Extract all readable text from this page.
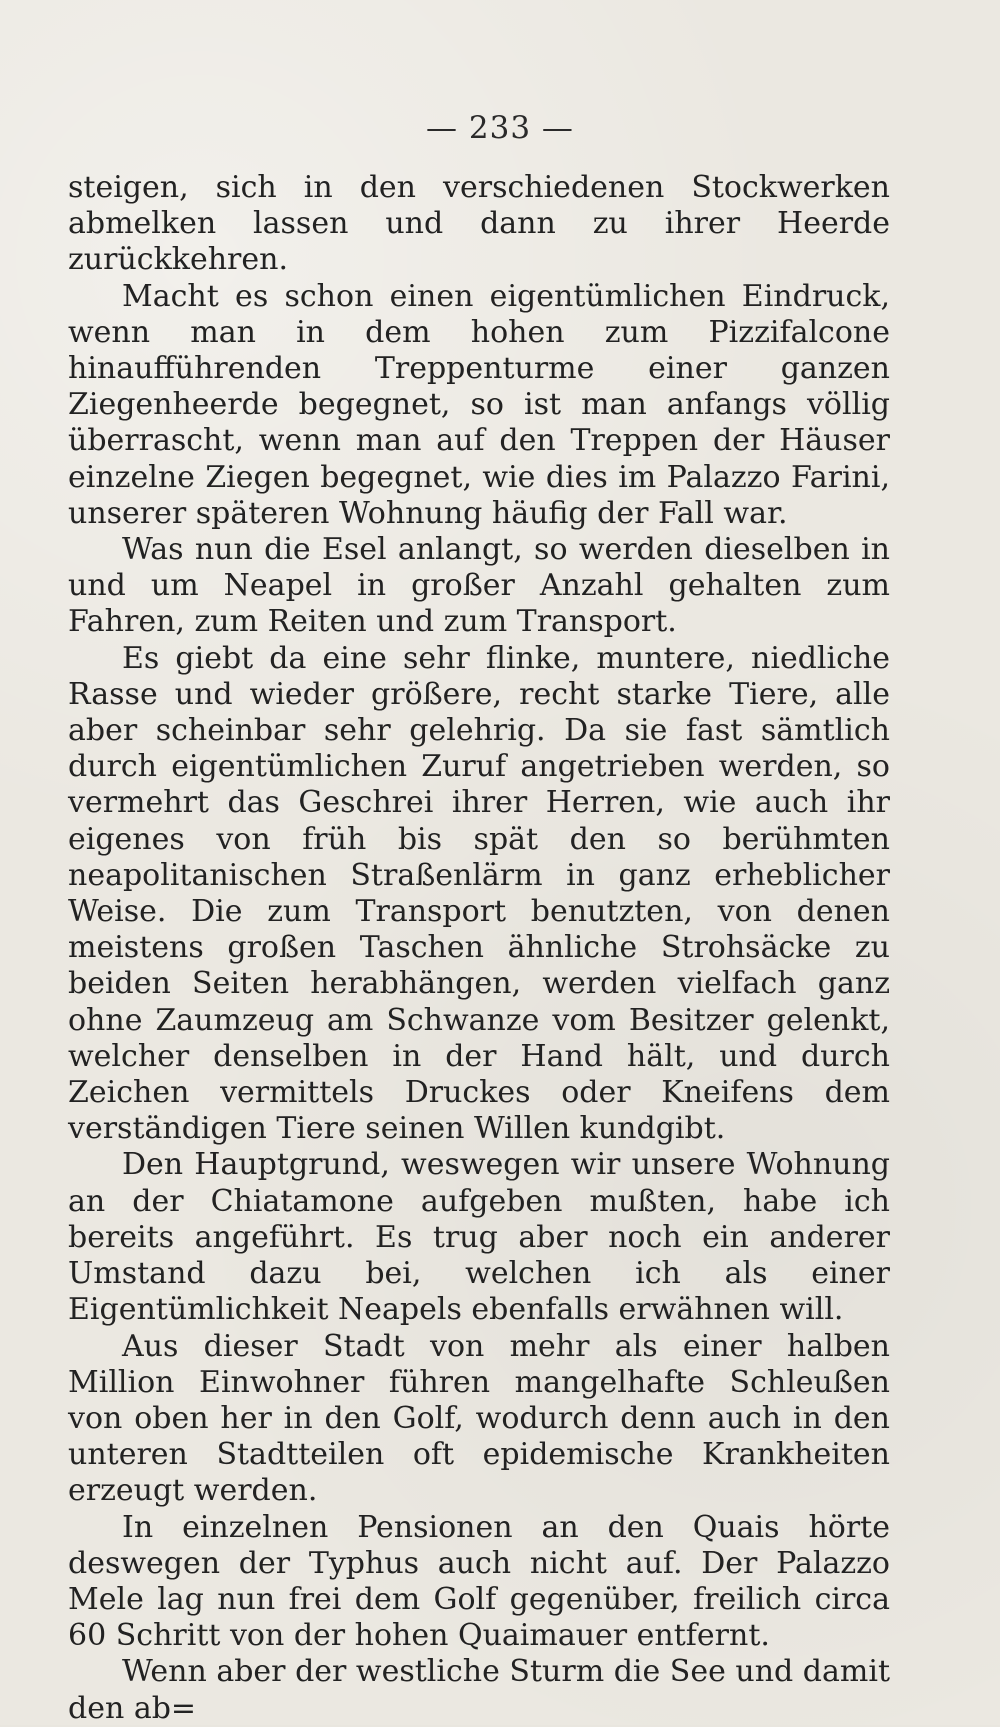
— 233 —

steigen, sich in den verschiedenen Stockwerken abmelken lassen und dann zu ihrer Heerde zurückkehren.

Macht es schon einen eigentümlichen Eindruck, wenn man in dem hohen zum Pizzifalcone hinaufführenden Treppenturme einer ganzen Ziegenheerde begegnet, so ist man anfangs völlig überrascht, wenn man auf den Treppen der Häuser einzelne Ziegen begegnet, wie dies im Palazzo Farini, unserer späteren Wohnung häufig der Fall war.

Was nun die Esel anlangt, so werden dieselben in und um Neapel in großer Anzahl gehalten zum Fahren, zum Reiten und zum Transport.

Es giebt da eine sehr flinke, muntere, niedliche Rasse und wieder größere, recht starke Tiere, alle aber scheinbar sehr gelehrig. Da sie fast sämtlich durch eigentümlichen Zuruf angetrieben werden, so vermehrt das Geschrei ihrer Herren, wie auch ihr eigenes von früh bis spät den so berühmten neapolitanischen Straßenlärm in ganz erheblicher Weise. Die zum Transport benutzten, von denen meistens großen Taschen ähnliche Strohsäcke zu beiden Seiten herabhängen, werden vielfach ganz ohne Zaumzeug am Schwanze vom Besitzer gelenkt, welcher denselben in der Hand hält, und durch Zeichen vermittels Druckes oder Kneifens dem verständigen Tiere seinen Willen kundgibt.

Den Hauptgrund, weswegen wir unsere Wohnung an der Chiatamone aufgeben mußten, habe ich bereits angeführt. Es trug aber noch ein anderer Umstand dazu bei, welchen ich als einer Eigentümlichkeit Neapels ebenfalls erwähnen will.

Aus dieser Stadt von mehr als einer halben Million Einwohner führen mangelhafte Schleußen von oben her in den Golf, wodurch denn auch in den unteren Stadtteilen oft epidemische Krankheiten erzeugt werden.

In einzelnen Pensionen an den Quais hörte deswegen der Typhus auch nicht auf. Der Palazzo Mele lag nun frei dem Golf gegenüber, freilich circa 60 Schritt von der hohen Quaimauer entfernt.

Wenn aber der westliche Sturm die See und damit den ab=
